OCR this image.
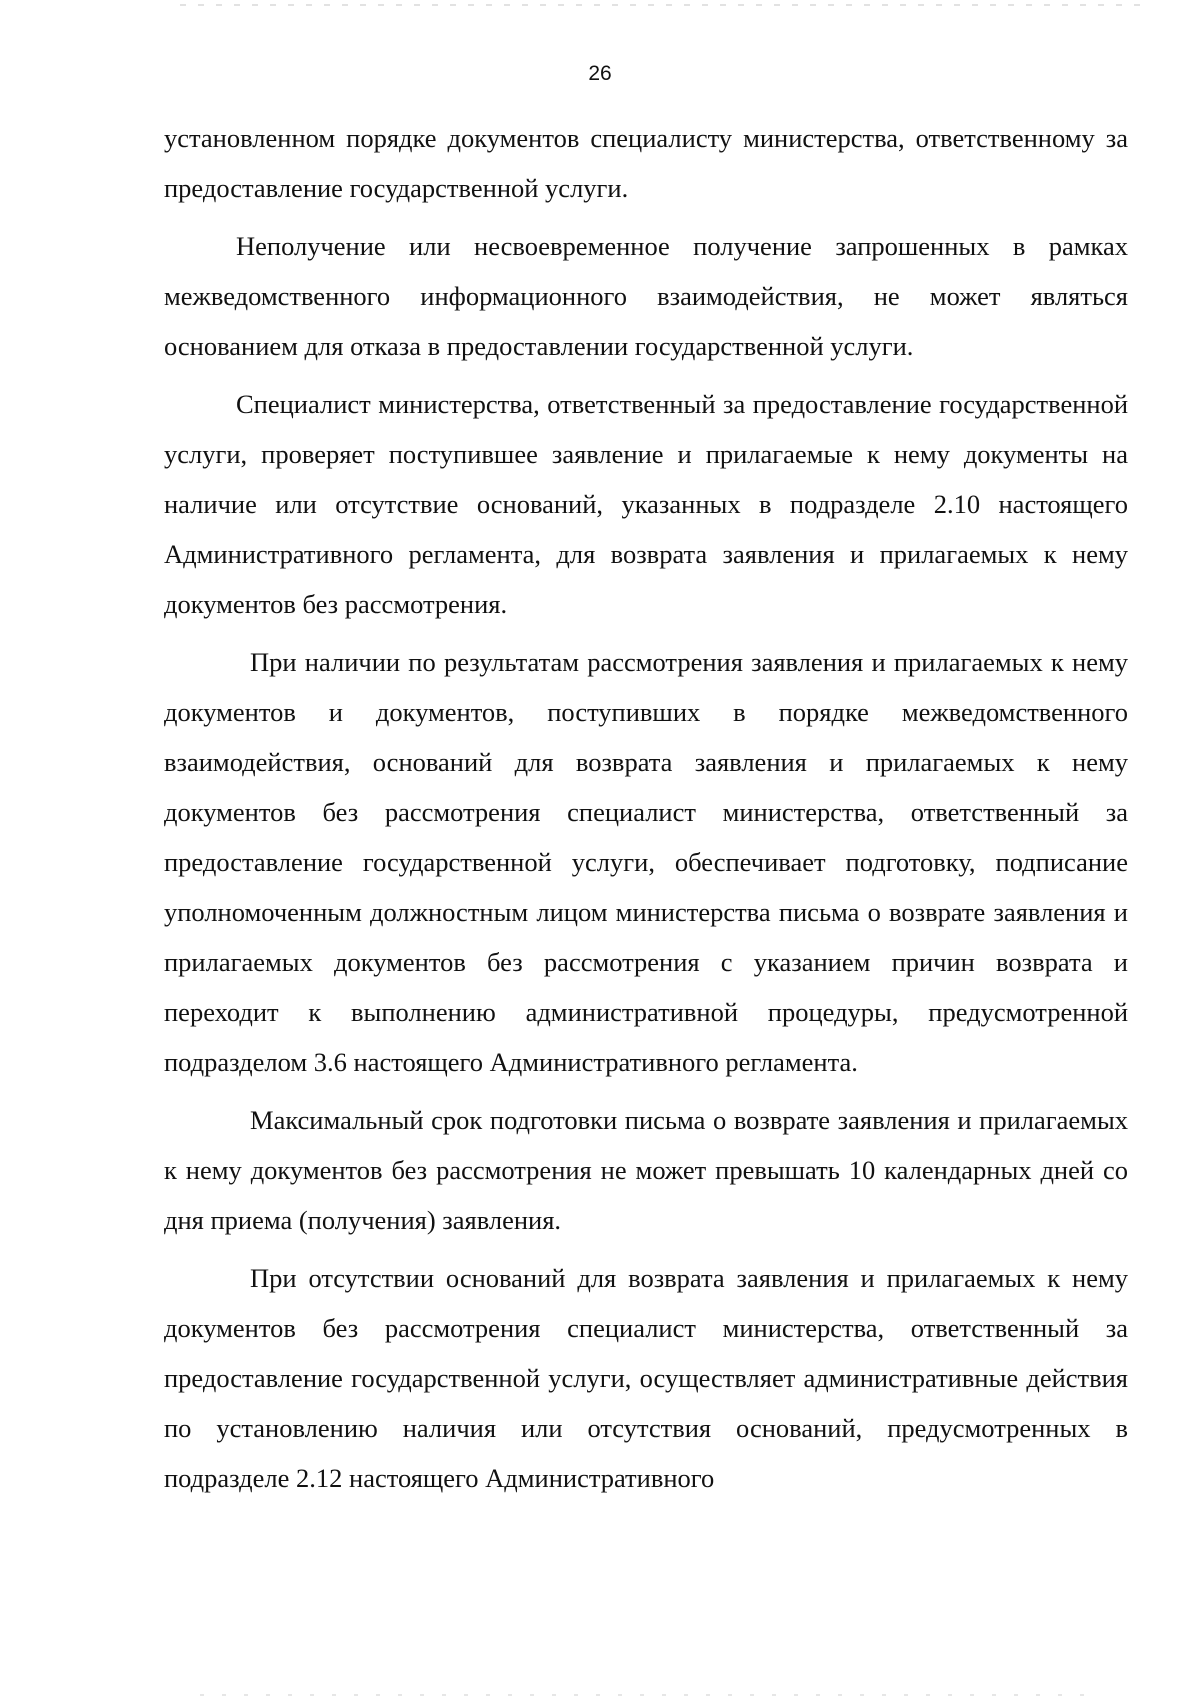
26

установленном порядке документов специалисту министерства, ответственному за предоставление государственной услуги.

Неполучение или несвоевременное получение запрошенных в рамках межведомственного информационного взаимодействия, не может являться основанием для отказа в предоставлении государственной услуги.

Специалист министерства, ответственный за предоставление государственной услуги, проверяет поступившее заявление и прилагаемые к нему документы на наличие или отсутствие оснований, указанных в подразделе 2.10 настоящего Административного регламента, для возврата заявления и прилагаемых к нему документов без рассмотрения.

При наличии по результатам рассмотрения заявления и прилагаемых к нему документов и документов, поступивших в порядке межведомственного взаимодействия, оснований для возврата заявления и прилагаемых к нему документов без рассмотрения специалист министерства, ответственный за предоставление государственной услуги, обеспечивает подготовку, подписание уполномоченным должностным лицом министерства письма о возврате заявления и прилагаемых документов без рассмотрения с указанием причин возврата и переходит к выполнению административной процедуры, предусмотренной подразделом 3.6 настоящего Административного регламента.

Максимальный срок подготовки письма о возврате заявления и прилагаемых к нему документов без рассмотрения не может превышать 10 календарных дней со дня приема (получения) заявления.

При отсутствии оснований для возврата заявления и прилагаемых к нему документов без рассмотрения специалист министерства, ответственный за предоставление государственной услуги, осуществляет административные действия по установлению наличия или отсутствия оснований, предусмотренных в подразделе 2.12 настоящего Административного
